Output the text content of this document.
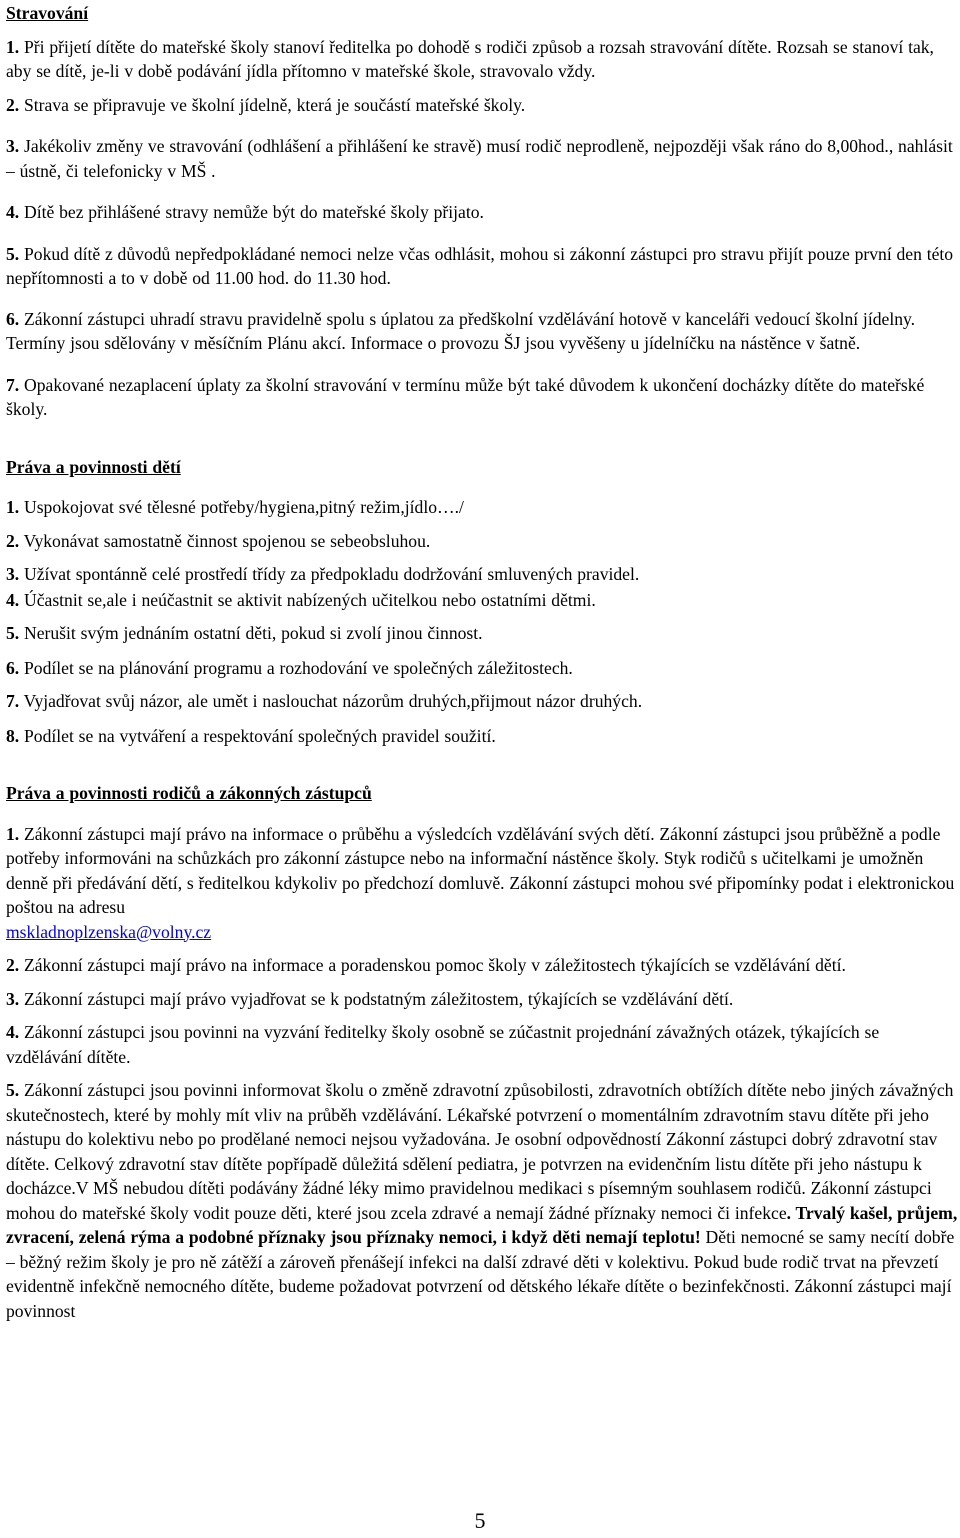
Stravování

1. Při přijetí dítěte do mateřské školy stanoví ředitelka po dohodě s rodiči způsob a rozsah stravování dítěte. Rozsah se stanoví tak, aby se dítě, je-li v době podávání jídla přítomno v mateřské škole, stravovalo vždy.

2. Strava se připravuje ve školní jídelně, která je součástí mateřské školy.

3. Jakékoliv změny ve stravování (odhlášení a přihlášení ke stravě) musí rodič neprodleně, nejpozději však ráno do 8,00hod., nahlásit – ústně, či telefonicky v MŠ .

4. Dítě bez přihlášené stravy nemůže být do mateřské školy přijato.

5. Pokud dítě z důvodů nepředpokládané nemoci nelze včas odhlásit, mohou si zákonní zástupci pro stravu přijít pouze první den této nepřítomnosti a to v době od 11.00 hod. do 11.30 hod.

6. Zákonní zástupci uhradí stravu pravidelně spolu s úplatou za předškolní vzdělávání hotově v kanceláři vedoucí školní jídelny. Termíny jsou sdělovány v měsíčním Plánu akcí. Informace o provozu ŠJ jsou vyvěšeny u jídelníčku na nástěnce v šatně.

7. Opakované nezaplacení úplaty za školní stravování v termínu může být také důvodem k ukončení docházky dítěte do mateřské školy.

Práva a povinnosti dětí

1. Uspokojovat své tělesné potřeby/hygiena,pitný režim,jídlo…./

2. Vykonávat samostatně činnost spojenou se sebeobsluhou.

3. Užívat spontánně celé prostředí třídy za předpokladu dodržování smluvených pravidel.

4. Účastnit se,ale i neúčastnit se aktivit nabízených učitelkou nebo ostatními dětmi.

5. Nerušit svým jednáním ostatní děti, pokud si zvolí jinou činnost.

6. Podílet se na plánování programu a rozhodování ve společných záležitostech.

7. Vyjadřovat svůj názor, ale umět i naslouchat názorům druhých,přijmout názor druhých.

8. Podílet se na vytváření a respektování společných pravidel soužití.

Práva a povinnosti rodičů a zákonných zástupců

1. Zákonní zástupci mají právo na informace o průběhu a výsledcích vzdělávání svých dětí. Zákonní zástupci jsou průběžně a podle potřeby informováni na schůzkách pro zákonní zástupce nebo na informační nástěnce školy. Styk rodičů s učitelkami je umožněn denně při předávání dětí, s ředitelkou kdykoliv po předchozí domluvě. Zákonní zástupci mohou své připomínky podat i elektronickou poštou na adresu
mskladnoplzenska@volny.cz

2. Zákonní zástupci mají právo na informace a poradenskou pomoc školy v záležitostech týkajících se vzdělávání dětí.

3. Zákonní zástupci mají právo vyjadřovat se k podstatným záležitostem, týkajících se vzdělávání dětí.

4. Zákonní zástupci jsou povinni na vyzvání ředitelky školy osobně se zúčastnit projednání závažných otázek, týkajících se vzdělávání dítěte.

5. Zákonní zástupci jsou povinni informovat školu o změně zdravotní způsobilosti, zdravotních obtížích dítěte nebo jiných závažných skutečnostech, které by mohly mít vliv na průběh vzdělávání. Lékařské potvrzení o momentálním zdravotním stavu dítěte při jeho nástupu do kolektivu nebo po prodělané nemoci nejsou vyžadována. Je osobní odpovědností Zákonní zástupci dobrý zdravotní stav dítěte. Celkový zdravotní stav dítěte popřípadě důležitá sdělení pediatra, je potvrzen na evidenčním listu dítěte při jeho nástupu k docházce.V MŠ nebudou dítěti podávány žádné léky mimo pravidelnou medikaci s písemným souhlasem rodičů. Zákonní zástupci mohou do mateřské školy vodit pouze děti, které jsou zcela zdravé a nemají žádné příznaky nemoci či infekce. Trvalý kašel, průjem, zvracení, zelená rýma a podobné příznaky jsou příznaky nemoci, i když děti nemají teplotu! Děti nemocné se samy necítí dobře – běžný režim školy je pro ně zátěží a zároveň přenášejí infekci na další zdravé děti v kolektivu. Pokud bude rodič trvat na převzetí evidentně infekčně nemocného dítěte, budeme požadovat potvrzení od dětského lékaře dítěte o bezinfekčnosti. Zákonní zástupci mají povinnost

5
